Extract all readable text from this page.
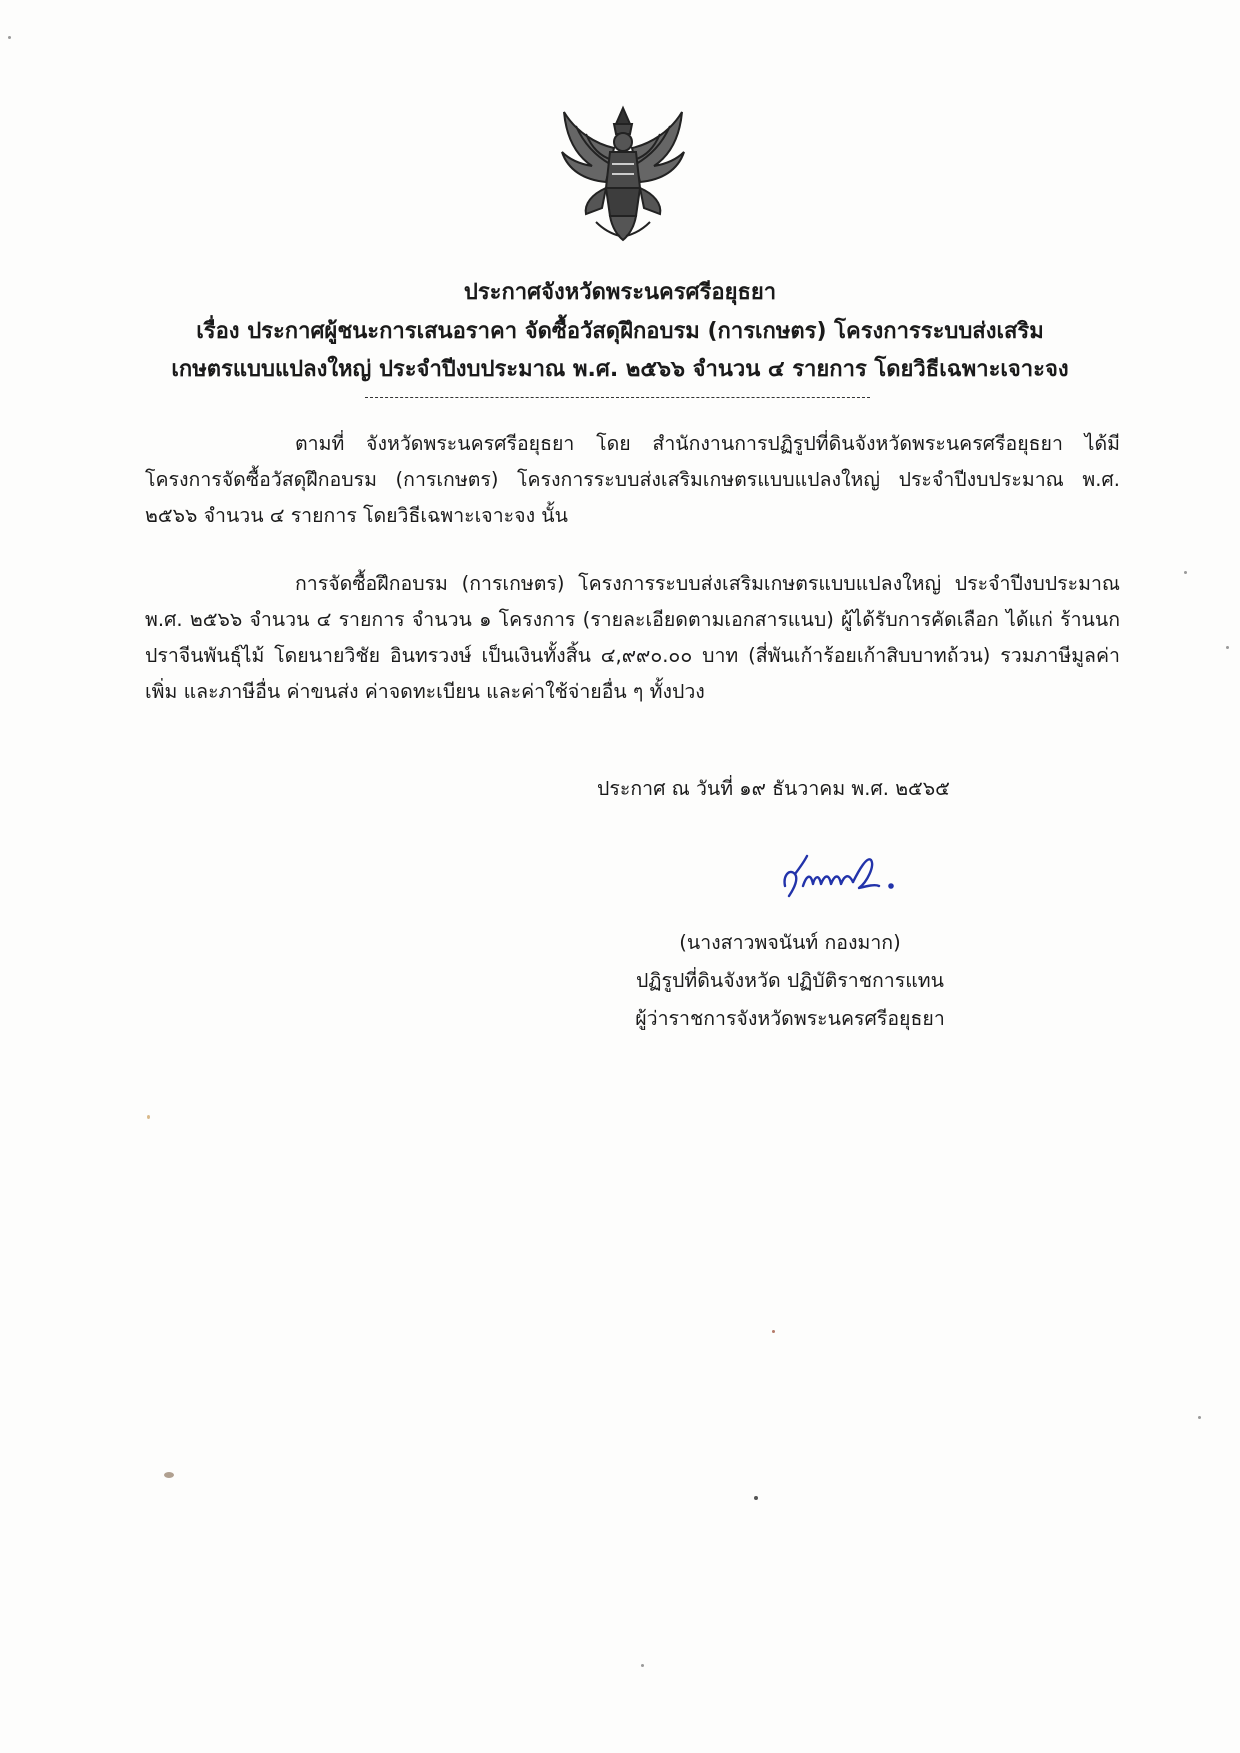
ประกาศจังหวัดพระนครศรีอยุธยา
เรื่อง ประกาศผู้ชนะการเสนอราคา จัดซื้อวัสดุฝึกอบรม (การเกษตร) โครงการระบบส่งเสริม
เกษตรแบบแปลงใหญ่ ประจำปีงบประมาณ พ.ศ. ๒๕๖๖ จำนวน ๔ รายการ โดยวิธีเฉพาะเจาะจง
ตามที่ จังหวัดพระนครศรีอยุธยา โดย สำนักงานการปฏิรูปที่ดินจังหวัดพระนครศรีอยุธยา ได้มีโครงการจัดซื้อวัสดุฝึกอบรม (การเกษตร) โครงการระบบส่งเสริมเกษตรแบบแปลงใหญ่ ประจำปีงบประมาณ พ.ศ. ๒๕๖๖ จำนวน ๔ รายการ โดยวิธีเฉพาะเจาะจง นั้น
การจัดซื้อฝึกอบรม (การเกษตร) โครงการระบบส่งเสริมเกษตรแบบแปลงใหญ่ ประจำปีงบประมาณ พ.ศ. ๒๕๖๖ จำนวน ๔ รายการ จำนวน ๑ โครงการ (รายละเอียดตามเอกสารแนบ) ผู้ได้รับการคัดเลือก ได้แก่ ร้านนกปราจีนพันธุ์ไม้ โดยนายวิชัย อินทรวงษ์ เป็นเงินทั้งสิ้น ๔,๙๙๐.๐๐ บาท (สี่พันเก้าร้อยเก้าสิบบาทถ้วน) รวมภาษีมูลค่าเพิ่ม และภาษีอื่น ค่าขนส่ง ค่าจดทะเบียน และค่าใช้จ่ายอื่น ๆ ทั้งปวง
ประกาศ ณ วันที่ ๑๙ ธันวาคม พ.ศ. ๒๕๖๕
(นางสาวพจนันท์ กองมาก)
ปฏิรูปที่ดินจังหวัด ปฏิบัติราชการแทน
ผู้ว่าราชการจังหวัดพระนครศรีอยุธยา
